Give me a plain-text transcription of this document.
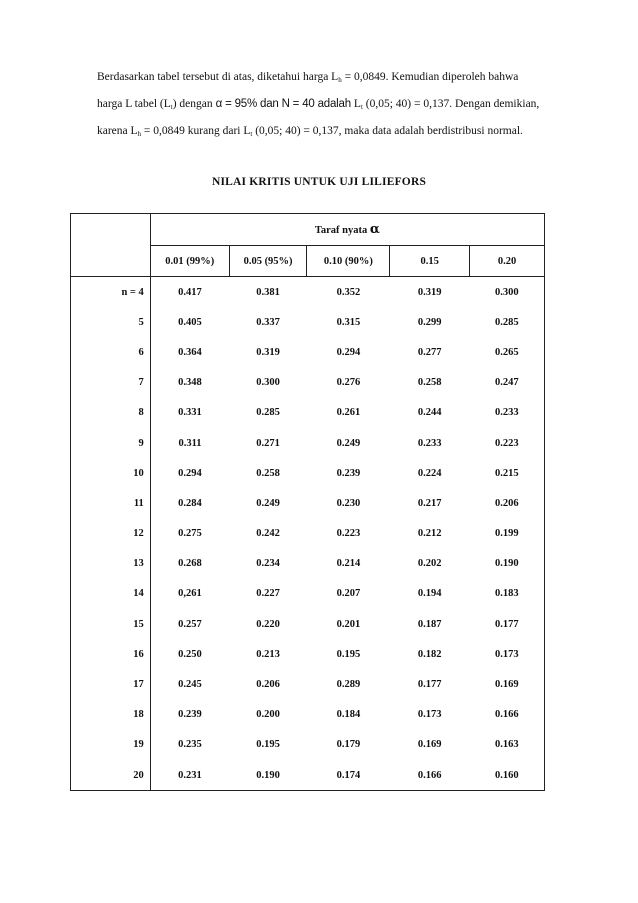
Berdasarkan tabel tersebut di atas, diketahui harga $L_h = 0,0849$. Kemudian diperoleh bahwa
harga L tabel $(L_t)$ dengan α = 95% dan N = 40 adalah $L_t$ (0,05; 40) = 0,137. Dengan demikian,
karena $L_h = 0,0849$ kurang dari $L_t$ (0,05; 40) = 0,137, maka data adalah berdistribusi normal.
NILAI KRITIS UNTUK UJI LILIEFORS
	Taraf nyata α				
	0.01 (99%)	0.05 (95%)	0.10 (90%)	0.15	0.20
n = 4	0.417	0.381	0.352	0.319	0.300
5	0.405	0.337	0.315	0.299	0.285
6	0.364	0.319	0.294	0.277	0.265
7	0.348	0.300	0.276	0.258	0.247
8	0.331	0.285	0.261	0.244	0.233
9	0.311	0.271	0.249	0.233	0.223
10	0.294	0.258	0.239	0.224	0.215
11	0.284	0.249	0.230	0.217	0.206
12	0.275	0.242	0.223	0.212	0.199
13	0.268	0.234	0.214	0.202	0.190
14	0,261	0.227	0.207	0.194	0.183
15	0.257	0.220	0.201	0.187	0.177
16	0.250	0.213	0.195	0.182	0.173
17	0.245	0.206	0.289	0.177	0.169
18	0.239	0.200	0.184	0.173	0.166
19	0.235	0.195	0.179	0.169	0.163
20	0.231	0.190	0.174	0.166	0.160
